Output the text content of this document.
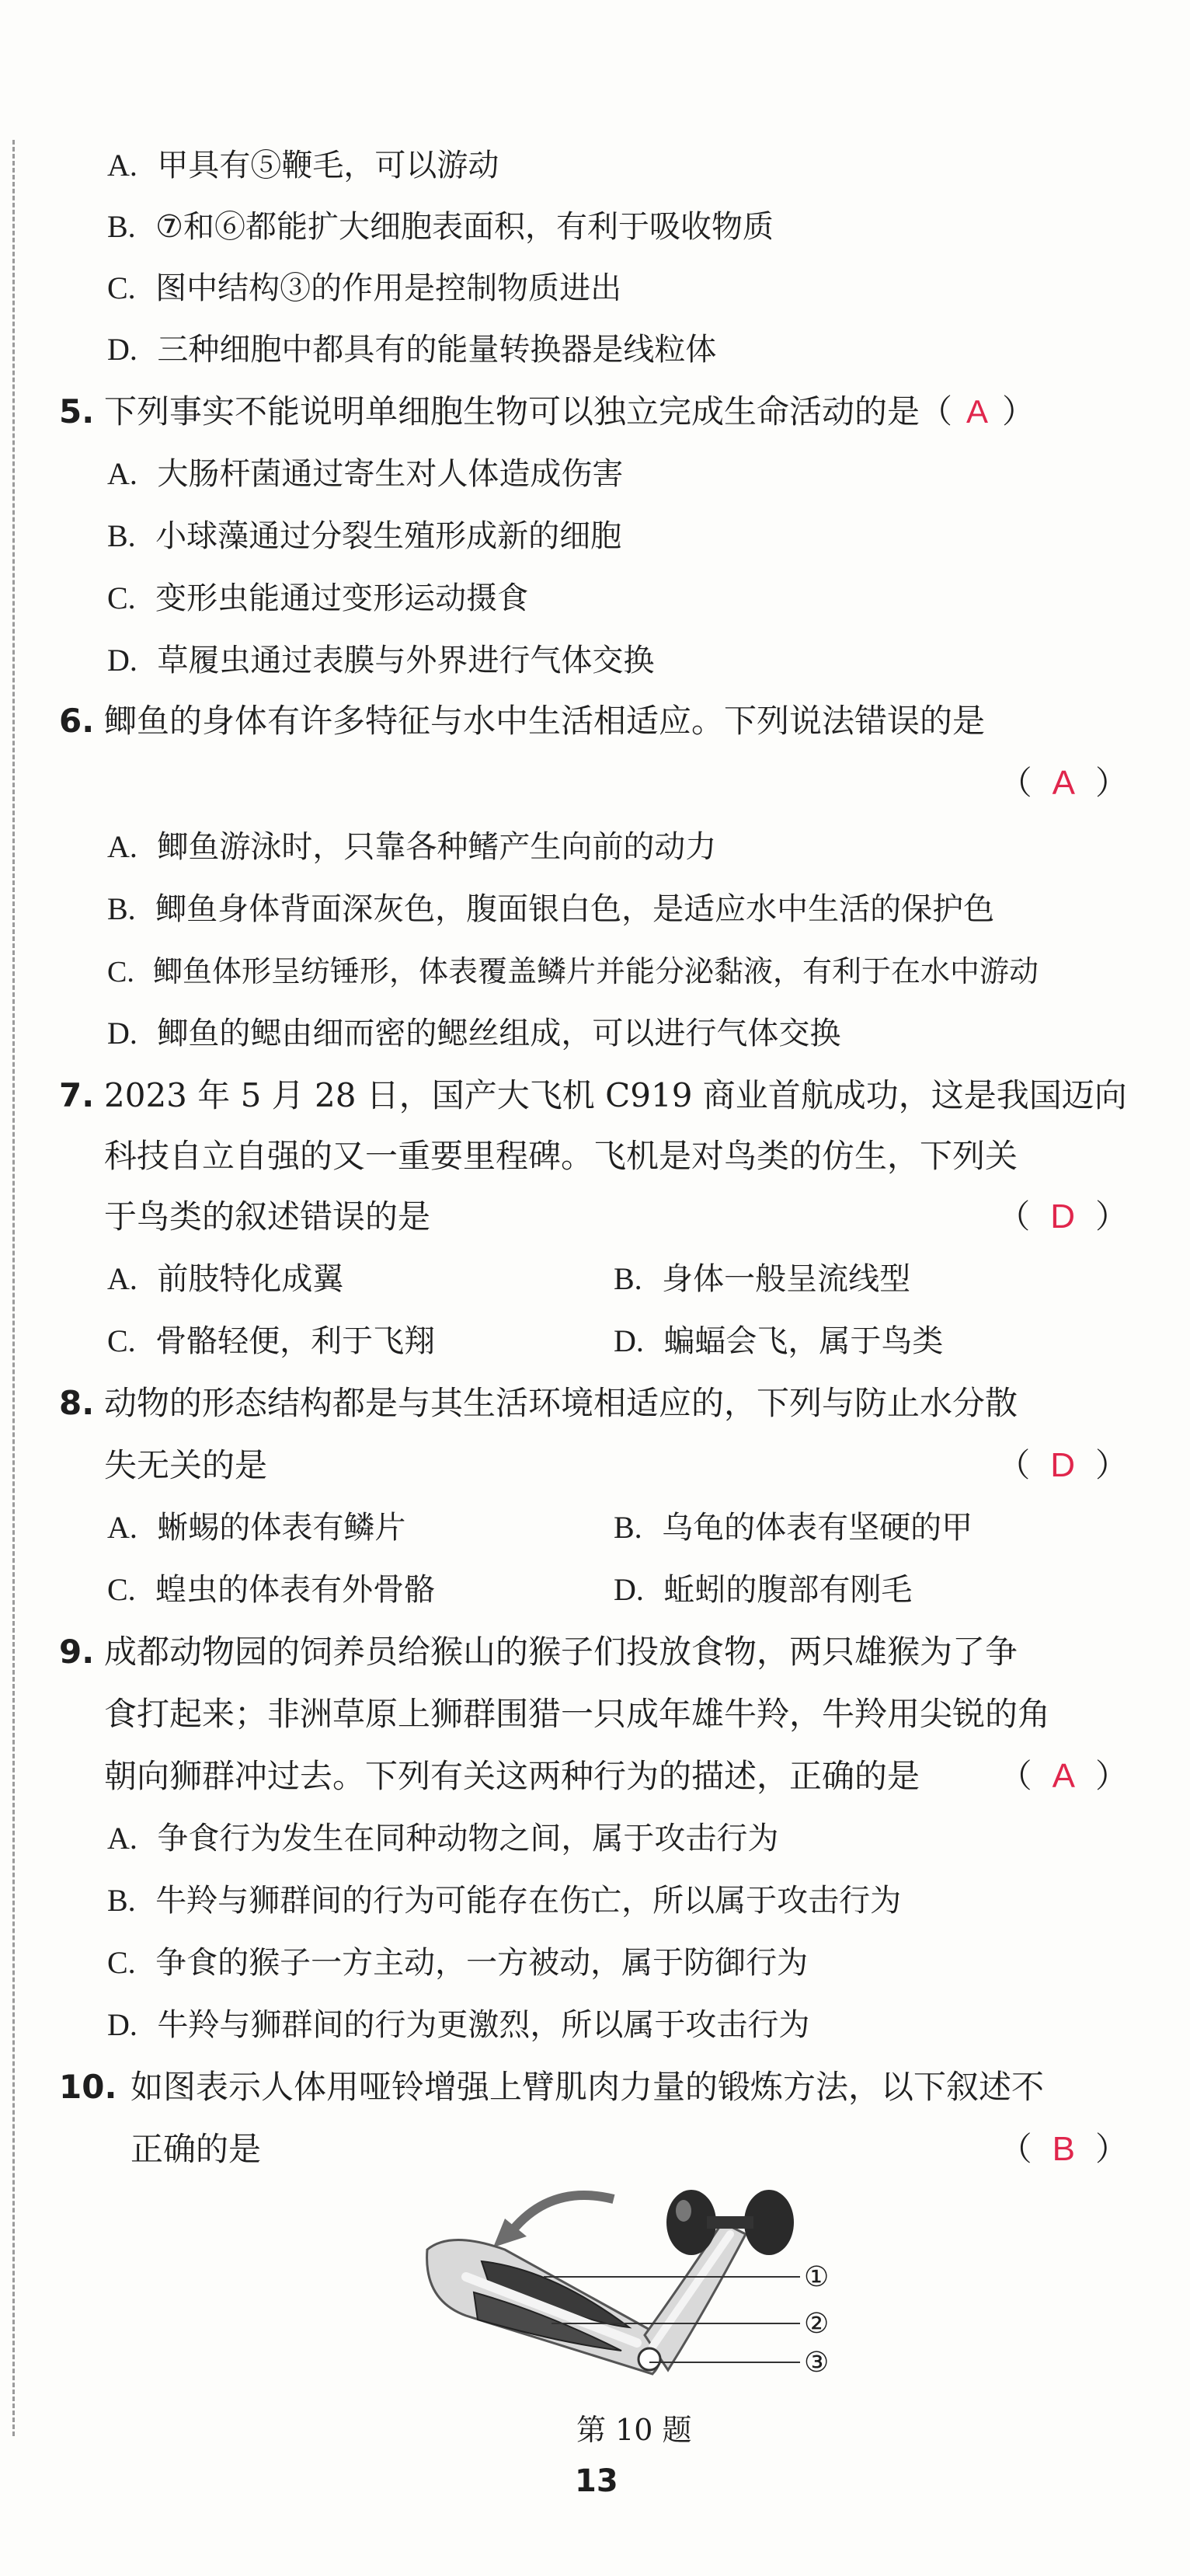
A. 甲具有⑤鞭毛，可以游动
B. ⑦和⑥都能扩大细胞表面积，有利于吸收物质
C. 图中结构③的作用是控制物质进出
D. 三种细胞中都具有的能量转换器是线粒体
5. 下列事实不能说明单细胞生物可以独立完成生命活动的是（ A ）
A. 大肠杆菌通过寄生对人体造成伤害
B. 小球藻通过分裂生殖形成新的细胞
C. 变形虫能通过变形运动摄食
D. 草履虫通过表膜与外界进行气体交换
6. 鲫鱼的身体有许多特征与水中生活相适应。下列说法错误的是
（ A ）
A. 鲫鱼游泳时，只靠各种鳍产生向前的动力
B. 鲫鱼身体背面深灰色，腹面银白色，是适应水中生活的保护色
C. 鲫鱼体形呈纺锤形，体表覆盖鳞片并能分泌黏液，有利于在水中游动
D. 鲫鱼的鳃由细而密的鳃丝组成，可以进行气体交换
7. 2023 年 5 月 28 日，国产大飞机 C919 商业首航成功，这是我国迈向
科技自立自强的又一重要里程碑。飞机是对鸟类的仿生，下列关
于鸟类的叙述错误的是	（ D ）
A. 前肢特化成翼	B. 身体一般呈流线型
C. 骨骼轻便，利于飞翔	D. 蝙蝠会飞，属于鸟类
8. 动物的形态结构都是与其生活环境相适应的，下列与防止水分散
失无关的是	（ D ）
A. 蜥蜴的体表有鳞片	B. 乌龟的体表有坚硬的甲
C. 蝗虫的体表有外骨骼	D. 蚯蚓的腹部有刚毛
9. 成都动物园的饲养员给猴山的猴子们投放食物，两只雄猴为了争
食打起来；非洲草原上狮群围猎一只成年雄牛羚，牛羚用尖锐的角
朝向狮群冲过去。下列有关这两种行为的描述，正确的是 （ A ）
A. 争食行为发生在同种动物之间，属于攻击行为
B. 牛羚与狮群间的行为可能存在伤亡，所以属于攻击行为
C. 争食的猴子一方主动，一方被动，属于防御行为
D. 牛羚与狮群间的行为更激烈，所以属于攻击行为
10. 如图表示人体用哑铃增强上臂肌肉力量的锻炼方法，以下叙述不
正确的是	（ B ）
①
②
③
第 10 题
13
